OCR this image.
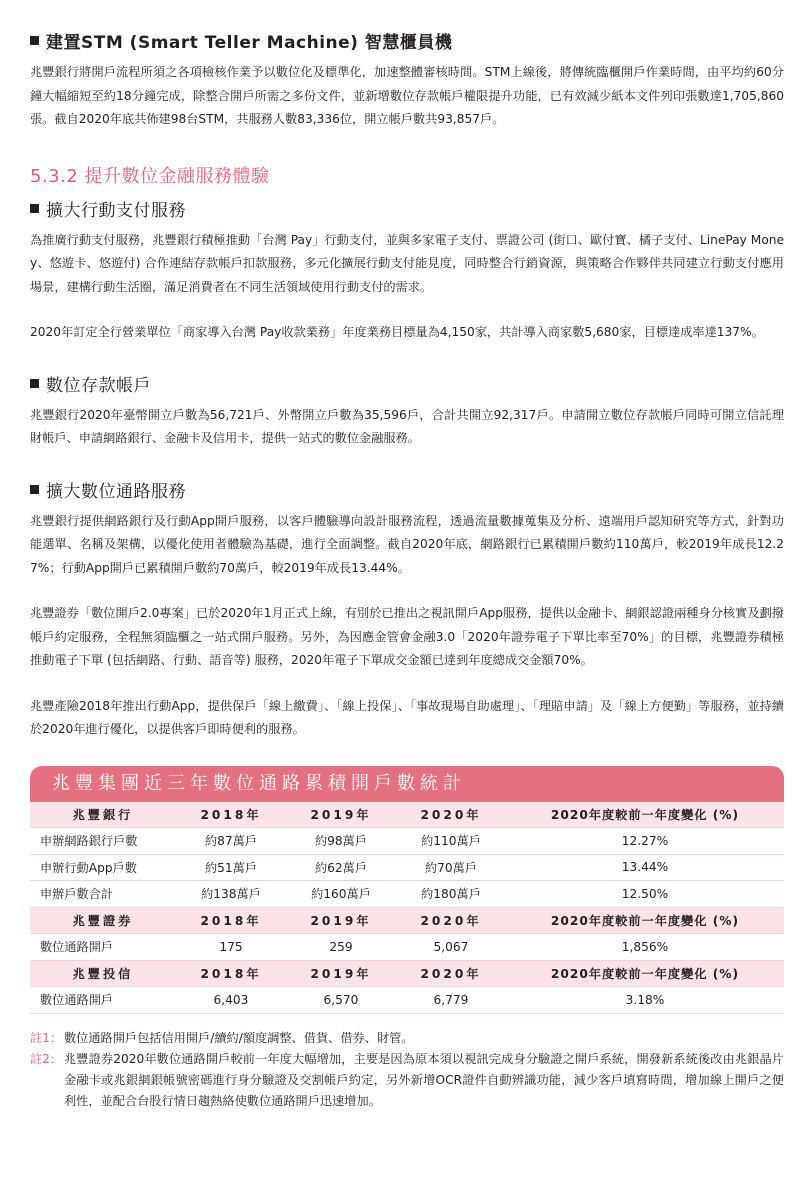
建置STM (Smart Teller Machine) 智慧櫃員機

兆豐銀行將開戶流程所須之各項檢核作業予以數位化及標準化，加速整體審核時間。STM上線後，將傳統臨櫃開戶作業時間，由平均約60分鐘大幅縮短至約18分鐘完成，除整合開戶所需之多份文件，並新增數位存款帳戶權限提升功能，已有效減少紙本文件列印張數達1,705,860張。截自2020年底共佈建98台STM，共服務人數83,336位，開立帳戶數共93,857戶。

5.3.2 提升數位金融服務體驗
擴大行動支付服務

為推廣行動支付服務，兆豐銀行積極推動「台灣 Pay」行動支付，並與多家電子支付、票證公司 (街口、歐付寶、橘子支付、LinePay Money、悠遊卡、悠遊付) 合作連結存款帳戶扣款服務，多元化擴展行動支付能見度，同時整合行銷資源，與策略合作夥伴共同建立行動支付應用場景，建構行動生活圈，滿足消費者在不同生活領域使用行動支付的需求。

2020年訂定全行營業單位「商家導入台灣 Pay收款業務」年度業務目標量為4,150家，共計導入商家數5,680家，目標達成率達137%。

數位存款帳戶

兆豐銀行2020年臺幣開立戶數為56,721戶、外幣開立戶數為35,596戶，合計共開立92,317戶。申請開立數位存款帳戶同時可開立信託理財帳戶、申請網路銀行、金融卡及信用卡，提供一站式的數位金融服務。

擴大數位通路服務

兆豐銀行提供網路銀行及行動App開戶服務，以客戶體驗導向設計服務流程，透過流量數據蒐集及分析、遠端用戶認知研究等方式，針對功能選單、名稱及架構，以優化使用者體驗為基礎，進行全面調整。截自2020年底，網路銀行已累積開戶數約110萬戶，較2019年成長12.27%；行動App開戶已累積開戶數約70萬戶，較2019年成長13.44%。

兆豐證券「數位開戶2.0專案」已於2020年1月正式上線，有別於已推出之視訊開戶App服務，提供以金融卡、網銀認證兩種身分核實及劃撥帳戶約定服務，全程無須臨櫃之一站式開戶服務。另外，為因應金管會金融3.0「2020年證券電子下單比率至70%」的目標，兆豐證券積極推動電子下單 (包括網路、行動、語音等) 服務，2020年電子下單成交金額已達到年度總成交金額70%。

兆豐產險2018年推出行動App，提供保戶「線上繳費」、「線上投保」、「事故現場自助處理」、「理賠申請」及「線上方便勤」等服務，並持續於2020年進行優化，以提供客戶即時便利的服務。

兆豐集團近三年數位通路累積開戶數統計
兆豐銀行	2018年	2019年	2020年	2020年度較前一年度變化 (%)
申辦網路銀行戶數	約87萬戶	約98萬戶	約110萬戶	12.27%
申辦行動App戶數	約51萬戶	約62萬戶	約70萬戶	13.44%
申辦戶數合計	約138萬戶	約160萬戶	約180萬戶	12.50%
兆豐證券	2018年	2019年	2020年	2020年度較前一年度變化 (%)
數位通路開戶	175	259	5,067	1,856%
兆豐投信	2018年	2019年	2020年	2020年度較前一年度變化 (%)
數位通路開戶	6,403	6,570	6,779	3.18%
註1： 數位通路開戶包括信用開戶/續約/額度調整、借貨、借券、財管。
註2： 兆豐證券2020年數位通路開戶較前一年度大幅增加，主要是因為原本須以視訊完成身分驗證之開戶系統，開發新系統後改由兆銀晶片金融卡或兆銀網銀帳號密碼進行身分驗證及交割帳戶約定，另外新增OCR證件自動辨識功能，減少客戶填寫時間，增加線上開戶之便利性，並配合台股行情日趨熱絡使數位通路開戶迅速增加。
